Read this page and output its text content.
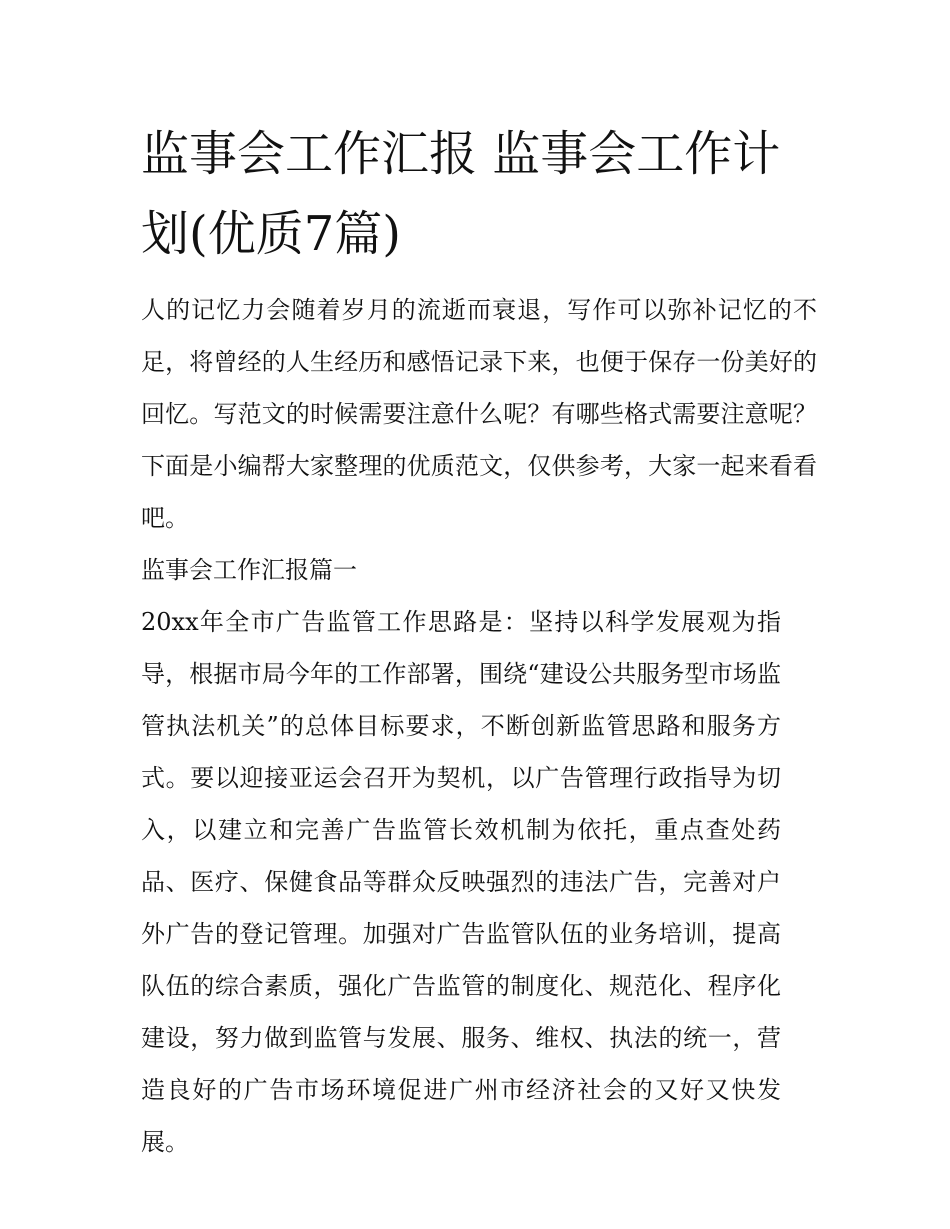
监事会工作汇报 监事会工作计划(优质7篇)

人的记忆力会随着岁月的流逝而衰退，写作可以弥补记忆的不足，将曾经的人生经历和感悟记录下来，也便于保存一份美好的回忆。写范文的时候需要注意什么呢？有哪些格式需要注意呢？下面是小编帮大家整理的优质范文，仅供参考，大家一起来看看吧。

监事会工作汇报篇一

20xx年全市广告监管工作思路是：坚持以科学发展观为指导，根据市局今年的工作部署，围绕“建设公共服务型市场监管执法机关”的总体目标要求，不断创新监管思路和服务方式。要以迎接亚运会召开为契机，以广告管理行政指导为切入，以建立和完善广告监管长效机制为依托，重点查处药品、医疗、保健食品等群众反映强烈的违法广告，完善对户外广告的登记管理。加强对广告监管队伍的业务培训，提高队伍的综合素质，强化广告监管的制度化、规范化、程序化建设，努力做到监管与发展、服务、维权、执法的统一，营造良好的广告市场环境促进广州市经济社会的又好又快发展。
